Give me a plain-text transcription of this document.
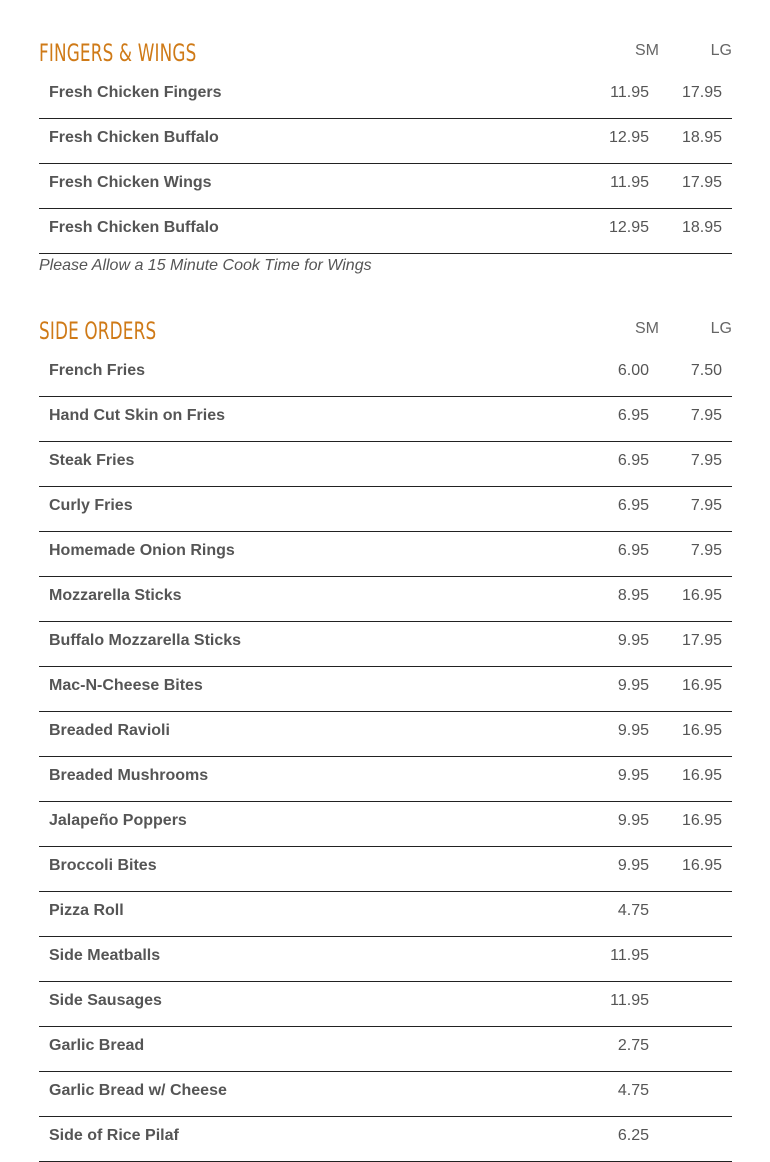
FINGERS & WINGS	SM	LG
Fresh Chicken Fingers	11.95 17.95
Fresh Chicken Buffalo	12.95 18.95
Fresh Chicken Wings	11.95 17.95
Fresh Chicken Buffalo	12.95 18.95
Please Allow a 15 Minute Cook Time for Wings
SIDE ORDERS	SM	LG
French Fries	6.00	7.50
Hand Cut Skin on Fries	6.95	7.95
Steak Fries	6.95	7.95
Curly Fries	6.95	7.95
Homemade Onion Rings	6.95	7.95
Mozzarella Sticks	8.95 16.95
Buffalo Mozzarella Sticks	9.95 17.95
Mac-N-Cheese Bites	9.95 16.95
Breaded Ravioli	9.95 16.95
Breaded Mushrooms	9.95 16.95
Jalapeño Poppers	9.95 16.95
Broccoli Bites	9.95 16.95
Pizza Roll	4.75
Side Meatballs	11.95
Side Sausages	11.95
Garlic Bread	2.75
Garlic Bread w/ Cheese	4.75
Side of Rice Pilaf	6.25
